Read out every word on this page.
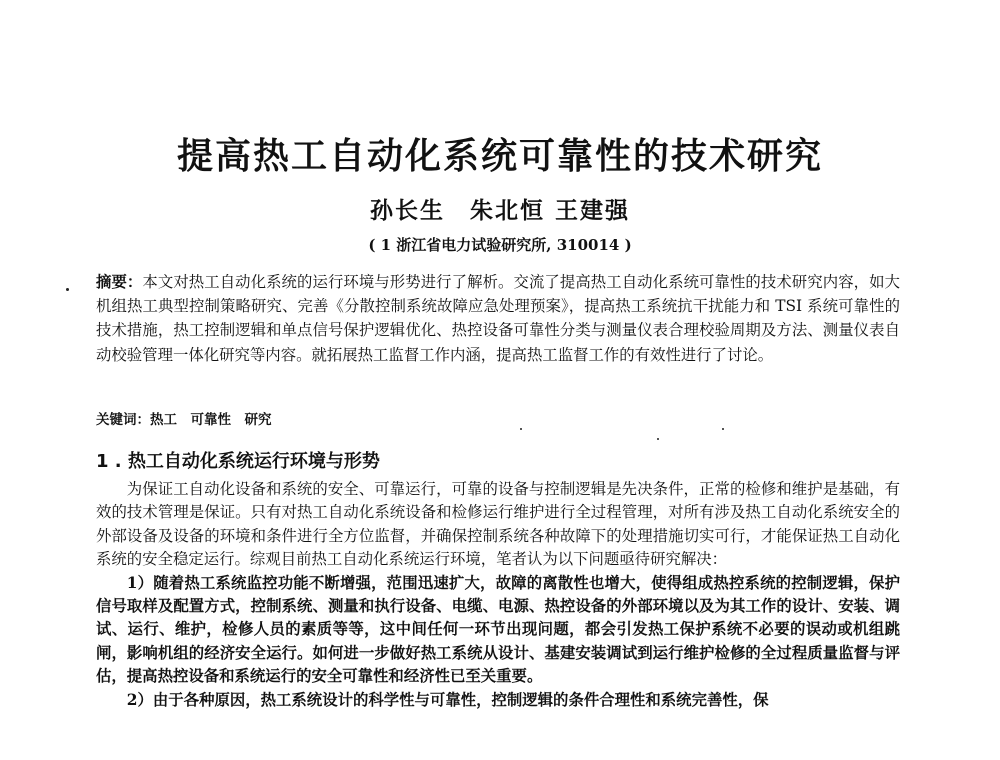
提高热工自动化系统可靠性的技术研究
孙长生　朱北恒 王建强
( 1 浙江省电力试验研究所, 310014 )

摘要：本文对热工自动化系统的运行环境与形势进行了解析。交流了提高热工自动化系统可靠性的技术研究内容，如大机组热工典型控制策略研究、完善《分散控制系统故障应急处理预案》，提高热工系统抗干扰能力和 TSI 系统可靠性的技术措施，热工控制逻辑和单点信号保护逻辑优化、热控设备可靠性分类与测量仪表合理校验周期及方法、测量仪表自动校验管理一体化研究等内容。就拓展热工监督工作内涵，提高热工监督工作的有效性进行了讨论。

关键词：热工　可靠性　研究
1 . 热工自动化系统运行环境与形势

为保证工自动化设备和系统的安全、可靠运行，可靠的设备与控制逻辑是先决条件，正常的检修和维护是基础，有效的技术管理是保证。只有对热工自动化系统设备和检修运行维护进行全过程管理，对所有涉及热工自动化系统安全的外部设备及设备的环境和条件进行全方位监督，并确保控制系统各种故障下的处理措施切实可行，才能保证热工自动化系统的安全稳定运行。综观目前热工自动化系统运行环境，笔者认为以下问题亟待研究解决：

1）随着热工系统监控功能不断增强，范围迅速扩大，故障的离散性也增大，使得组成热控系统的控制逻辑，保护信号取样及配置方式，控制系统、测量和执行设备、电缆、电源、热控设备的外部环境以及为其工作的设计、安装、调试、运行、维护，检修人员的素质等等，这中间任何一环节出现问题，都会引发热工保护系统不必要的误动或机组跳闸，影响机组的经济安全运行。如何进一步做好热工系统从设计、基建安装调试到运行维护检修的全过程质量监督与评估，提高热控设备和系统运行的安全可靠性和经济性已至关重要。

2）由于各种原因，热工系统设计的科学性与可靠性，控制逻辑的条件合理性和系统完善性，保
